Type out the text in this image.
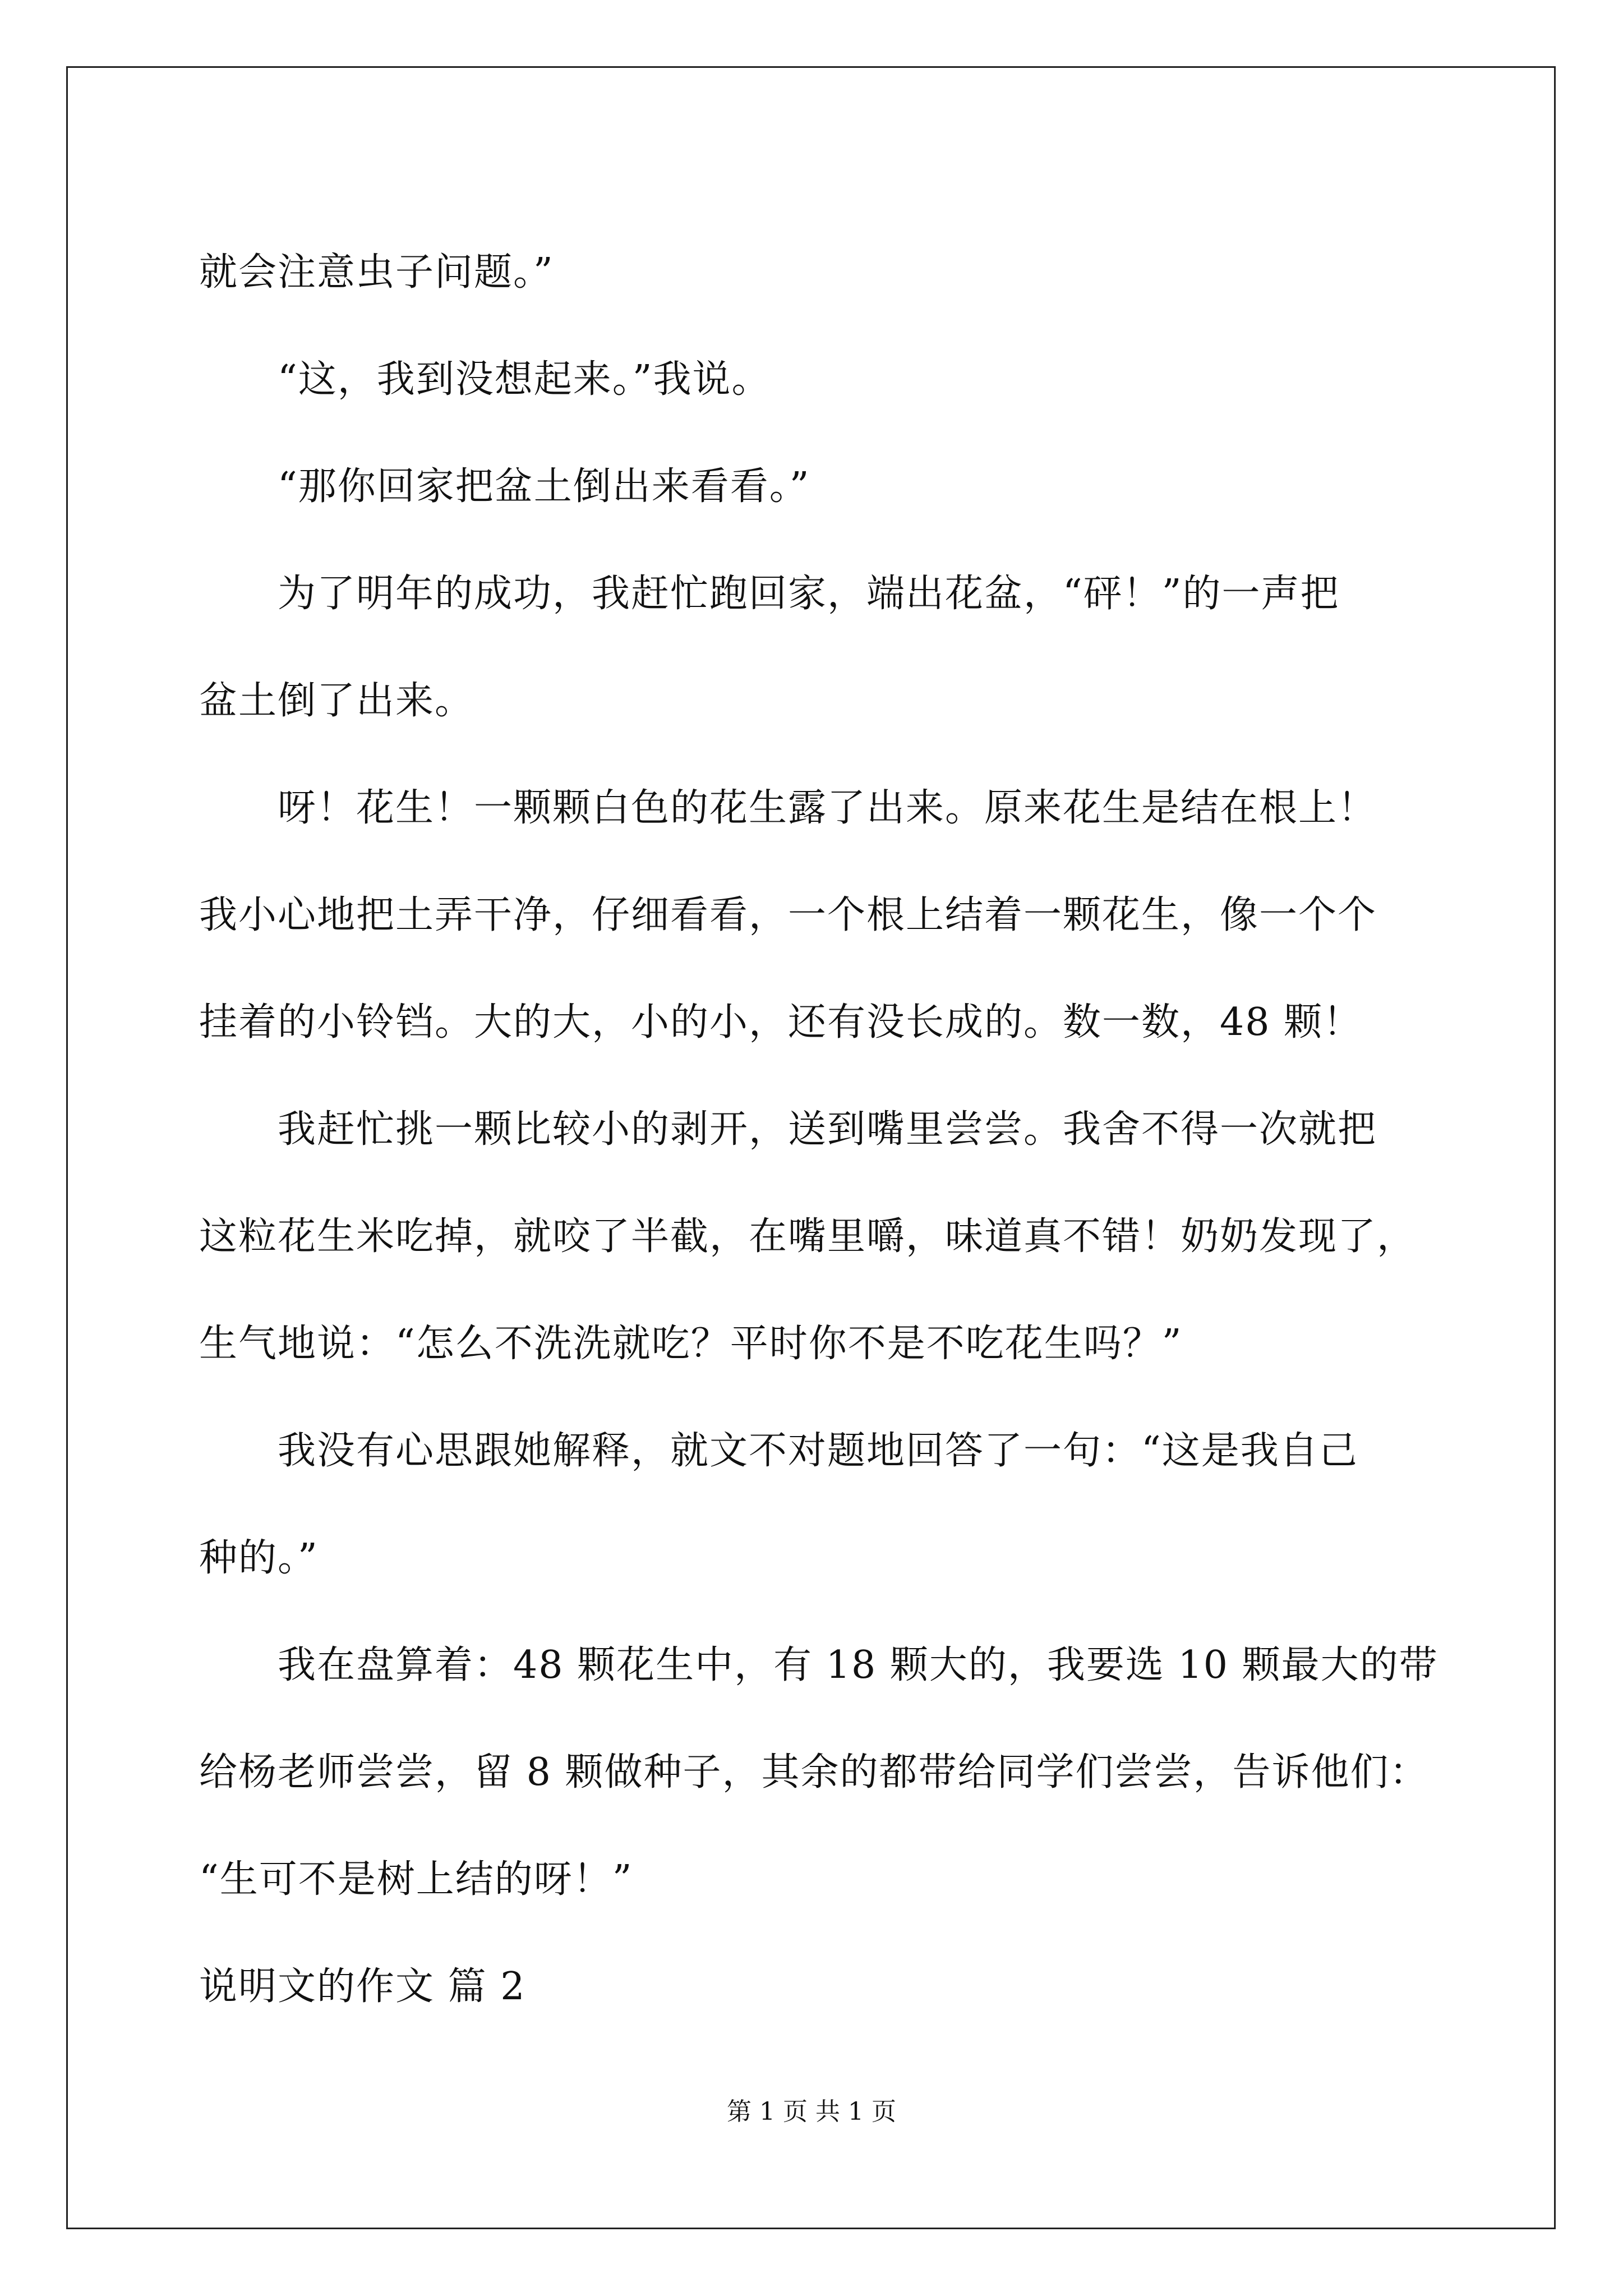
就会注意虫子问题。”

“这，我到没想起来。”我说。

“那你回家把盆土倒出来看看。”

为了明年的成功，我赶忙跑回家，端出花盆，“砰！”的一声把

盆土倒了出来。

呀！花生！一颗颗白色的花生露了出来。原来花生是结在根上！

我小心地把土弄干净，仔细看看，一个根上结着一颗花生，像一个个

挂着的小铃铛。大的大，小的小，还有没长成的。数一数，48 颗！

我赶忙挑一颗比较小的剥开，送到嘴里尝尝。我舍不得一次就把

这粒花生米吃掉，就咬了半截，在嘴里嚼，味道真不错！奶奶发现了，

生气地说：“怎么不洗洗就吃？平时你不是不吃花生吗？”

我没有心思跟她解释，就文不对题地回答了一句：“这是我自己

种的。”

我在盘算着：48 颗花生中，有 18 颗大的，我要选 10 颗最大的带

给杨老师尝尝，留 8 颗做种子，其余的都带给同学们尝尝，告诉他们：

“生可不是树上结的呀！”

说明文的作文 篇 2

第 1 页 共 1 页
